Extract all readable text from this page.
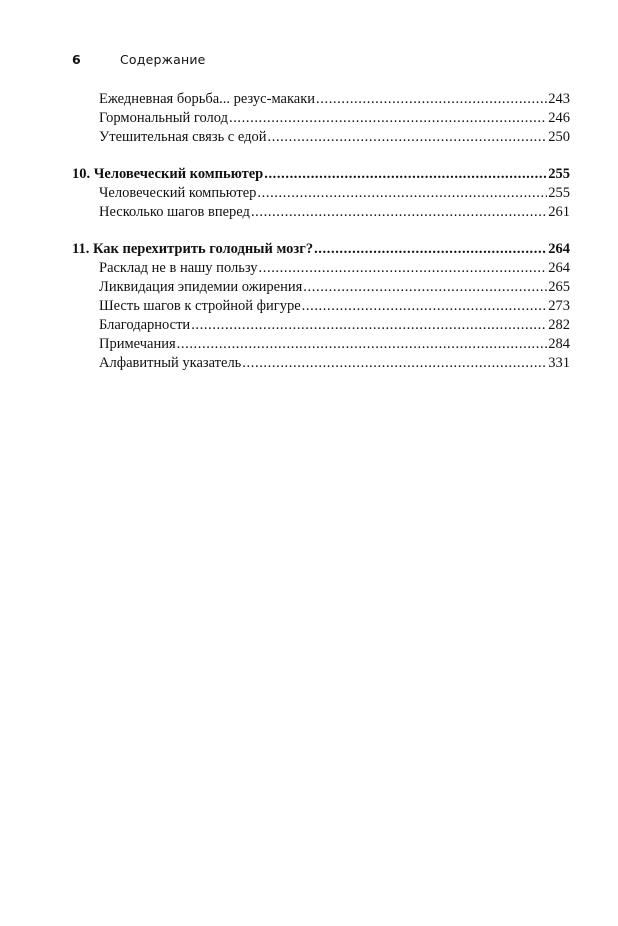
6	Содержание
Ежедневная борьба... резус-макаки .....	243
Гормональный голод .....	246
Утешительная связь с едой .....	250
10. Человеческий компьютер .....	255
Человеческий компьютер .....	255
Несколько шагов вперед .....	261
11. Как перехитрить голодный мозг? .....	264
Расклад не в нашу пользу .....	264
Ликвидация эпидемии ожирения .....	265
Шесть шагов к стройной фигуре .....	273
Благодарности .....	282
Примечания .....	284
Алфавитный указатель .....	331
